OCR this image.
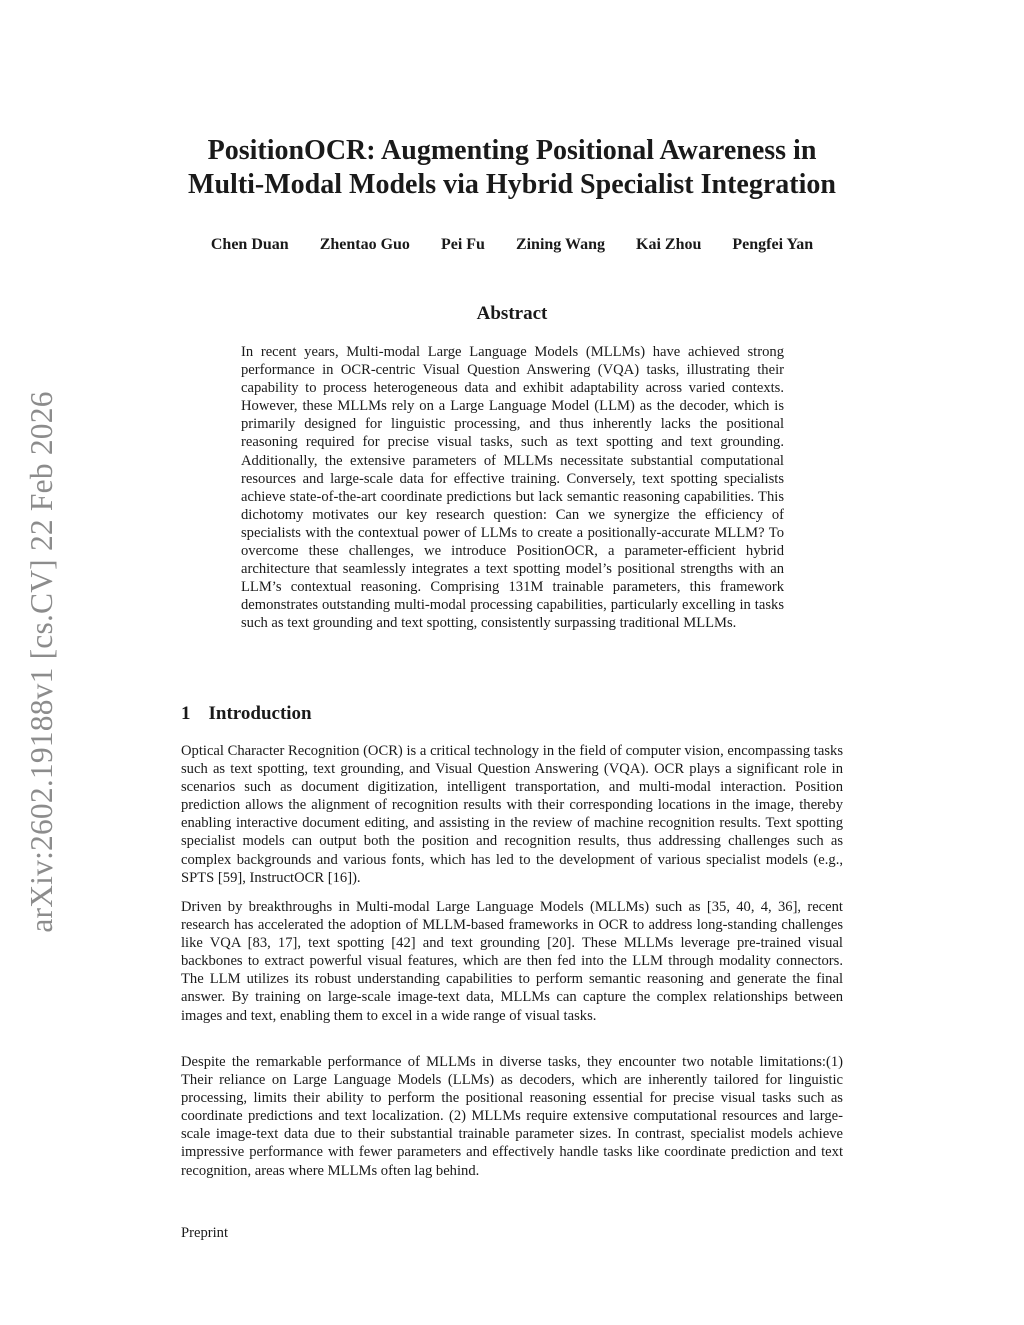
arXiv:2602.19188v1 [cs.CV] 22 Feb 2026
PositionOCR: Augmenting Positional Awareness in
Multi-Modal Models via Hybrid Specialist Integration
Chen Duan Zhentao Guo Pei Fu Zining Wang Kai Zhou Pengfei Yan
Abstract

In recent years, Multi-modal Large Language Models (MLLMs) have achieved strong performance in OCR-centric Visual Question Answering (VQA) tasks, illustrating their capability to process heterogeneous data and exhibit adaptability across varied contexts. However, these MLLMs rely on a Large Language Model (LLM) as the decoder, which is primarily designed for linguistic processing, and thus inherently lacks the positional reasoning required for precise visual tasks, such as text spotting and text grounding. Additionally, the extensive parameters of MLLMs necessitate substantial computational resources and large-scale data for effective training. Conversely, text spotting specialists achieve state-of-the-art coordinate predictions but lack semantic reasoning capabilities. This dichotomy motivates our key research question: Can we synergize the efficiency of specialists with the contextual power of LLMs to create a positionally-accurate MLLM? To overcome these challenges, we introduce PositionOCR, a parameter-efficient hybrid architecture that seamlessly integrates a text spotting model’s positional strengths with an LLM’s contextual reasoning. Comprising 131M trainable parameters, this framework demonstrates outstanding multi-modal processing capabilities, particularly excelling in tasks such as text grounding and text spotting, consistently surpassing traditional MLLMs.

1 Introduction

Optical Character Recognition (OCR) is a critical technology in the field of computer vision, encompassing tasks such as text spotting, text grounding, and Visual Question Answering (VQA). OCR plays a significant role in scenarios such as document digitization, intelligent transportation, and multi-modal interaction. Position prediction allows the alignment of recognition results with their corresponding locations in the image, thereby enabling interactive document editing, and assisting in the review of machine recognition results. Text spotting specialist models can output both the position and recognition results, thus addressing challenges such as complex backgrounds and various fonts, which has led to the development of various specialist models (e.g., SPTS [59], InstructOCR [16]).

Driven by breakthroughs in Multi-modal Large Language Models (MLLMs) such as [35, 40, 4, 36], recent research has accelerated the adoption of MLLM-based frameworks in OCR to address long-standing challenges like VQA [83, 17], text spotting [42] and text grounding [20]. These MLLMs leverage pre-trained visual backbones to extract powerful visual features, which are then fed into the LLM through modality connectors. The LLM utilizes its robust understanding capabilities to perform semantic reasoning and generate the final answer. By training on large-scale image-text data, MLLMs can capture the complex relationships between images and text, enabling them to excel in a wide range of visual tasks.

Despite the remarkable performance of MLLMs in diverse tasks, they encounter two notable limitations:(1) Their reliance on Large Language Models (LLMs) as decoders, which are inherently tailored for linguistic processing, limits their ability to perform the positional reasoning essential for precise visual tasks such as coordinate predictions and text localization. (2) MLLMs require extensive computational resources and large-scale image-text data due to their substantial trainable parameter sizes. In contrast, specialist models achieve impressive performance with fewer parameters and effectively handle tasks like coordinate prediction and text recognition, areas where MLLMs often lag behind.

Preprint
